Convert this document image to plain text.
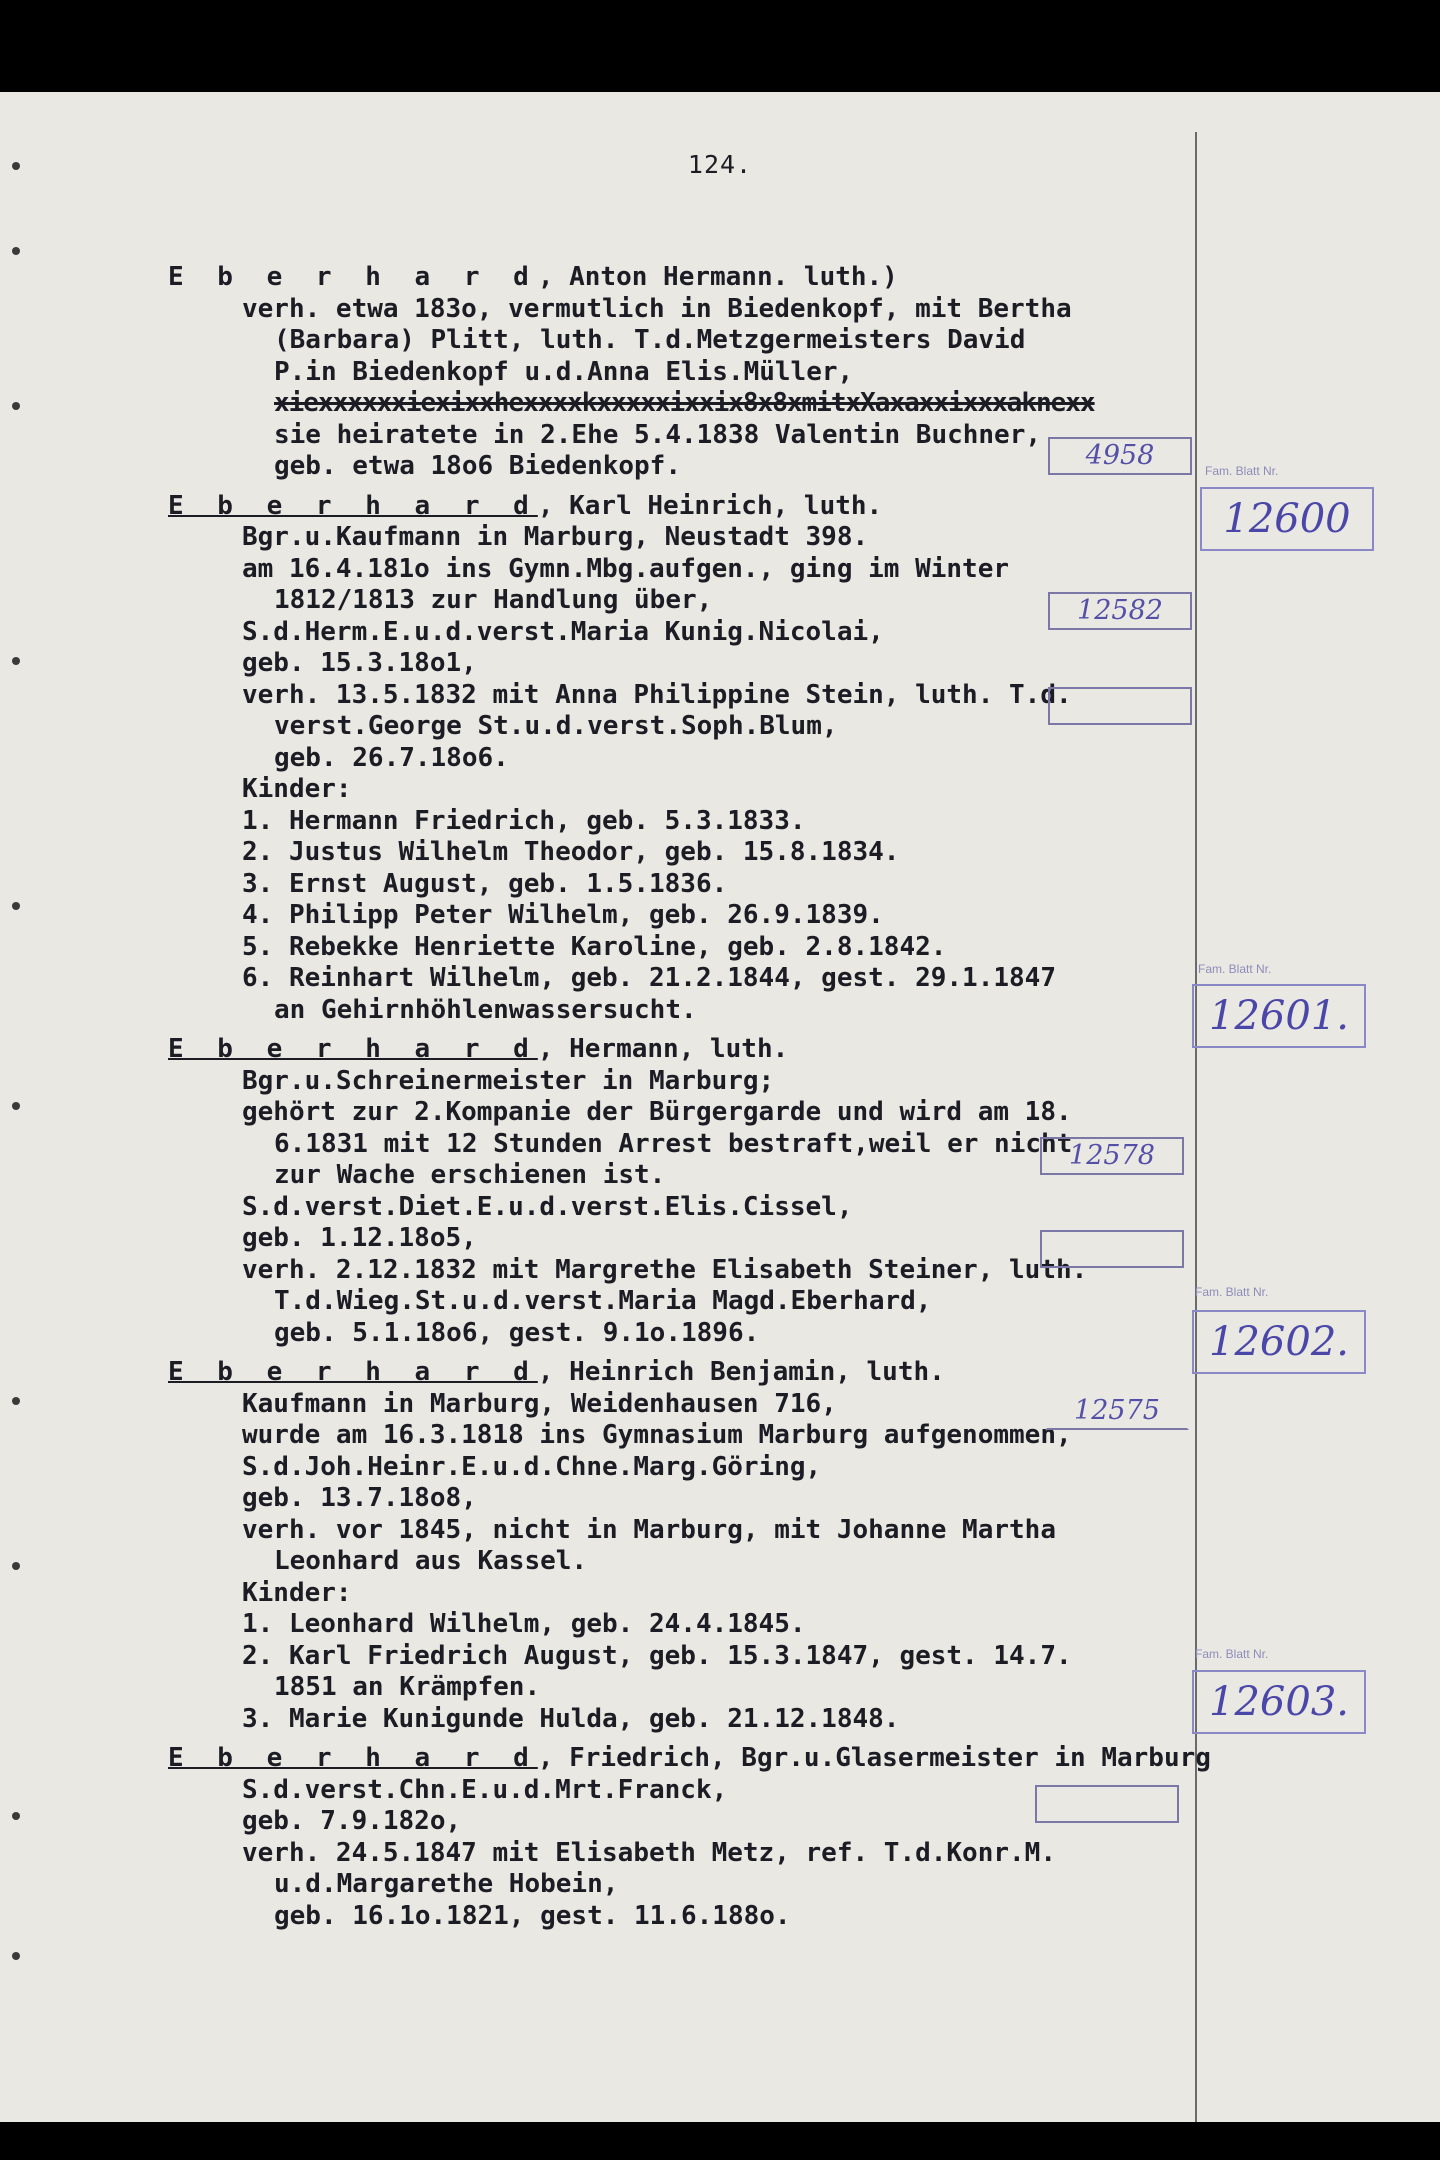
124.
E b e r h a r d, Anton Hermann. luth.)
verh. etwa 183o, vermutlich in Biedenkopf, mit Bertha
(Barbara) Plitt, luth. T.d.Metzgermeisters David
P.in Biedenkopf u.d.Anna Elis.Müller,
xiexxxxxxiexixxhexxxxkxxxxxixxix8x8xmitxXaxaxxixxxaknexx
sie heiratete in 2.Ehe 5.4.1838 Valentin Buchner,
geb. etwa 18o6 Biedenkopf.
E b e r h a r d, Karl Heinrich, luth.
Bgr.u.Kaufmann in Marburg, Neustadt 398.
am 16.4.181o ins Gymn.Mbg.aufgen., ging im Winter
1812/1813 zur Handlung über,
S.d.Herm.E.u.d.verst.Maria Kunig.Nicolai,
geb. 15.3.18o1,
verh. 13.5.1832 mit Anna Philippine Stein, luth. T.d.
verst.George St.u.d.verst.Soph.Blum,
geb. 26.7.18o6.
Kinder:
1. Hermann Friedrich, geb. 5.3.1833.
2. Justus Wilhelm Theodor, geb. 15.8.1834.
3. Ernst August, geb. 1.5.1836.
4. Philipp Peter Wilhelm, geb. 26.9.1839.
5. Rebekke Henriette Karoline, geb. 2.8.1842.
6. Reinhart Wilhelm, geb. 21.2.1844, gest. 29.1.1847
an Gehirnhöhlenwassersucht.
E b e r h a r d, Hermann, luth.
Bgr.u.Schreinermeister in Marburg;
gehört zur 2.Kompanie der Bürgergarde und wird am 18.
6.1831 mit 12 Stunden Arrest bestraft,weil er nicht
zur Wache erschienen ist.
S.d.verst.Diet.E.u.d.verst.Elis.Cissel,
geb. 1.12.18o5,
verh. 2.12.1832 mit Margrethe Elisabeth Steiner, luth.
T.d.Wieg.St.u.d.verst.Maria Magd.Eberhard,
geb. 5.1.18o6, gest. 9.1o.1896.
E b e r h a r d, Heinrich Benjamin, luth.
Kaufmann in Marburg, Weidenhausen 716,
wurde am 16.3.1818 ins Gymnasium Marburg aufgenommen,
S.d.Joh.Heinr.E.u.d.Chne.Marg.Göring,
geb. 13.7.18o8,
verh. vor 1845, nicht in Marburg, mit Johanne Martha
Leonhard aus Kassel.
Kinder:
1. Leonhard Wilhelm, geb. 24.4.1845.
2. Karl Friedrich August, geb. 15.3.1847, gest. 14.7.
1851 an Krämpfen.
3. Marie Kunigunde Hulda, geb. 21.12.1848.
E b e r h a r d, Friedrich, Bgr.u.Glasermeister in Marburg
S.d.verst.Chn.E.u.d.Mrt.Franck,
geb. 7.9.182o,
verh. 24.5.1847 mit Elisabeth Metz, ref. T.d.Konr.M.
u.d.Margarethe Hobein,
geb. 16.1o.1821, gest. 11.6.188o.
4958
12582
12578
12575
Fam. Blatt Nr.
12600
Fam. Blatt Nr.
12601.
Fam. Blatt Nr.
12602.
Fam. Blatt Nr.
12603.
